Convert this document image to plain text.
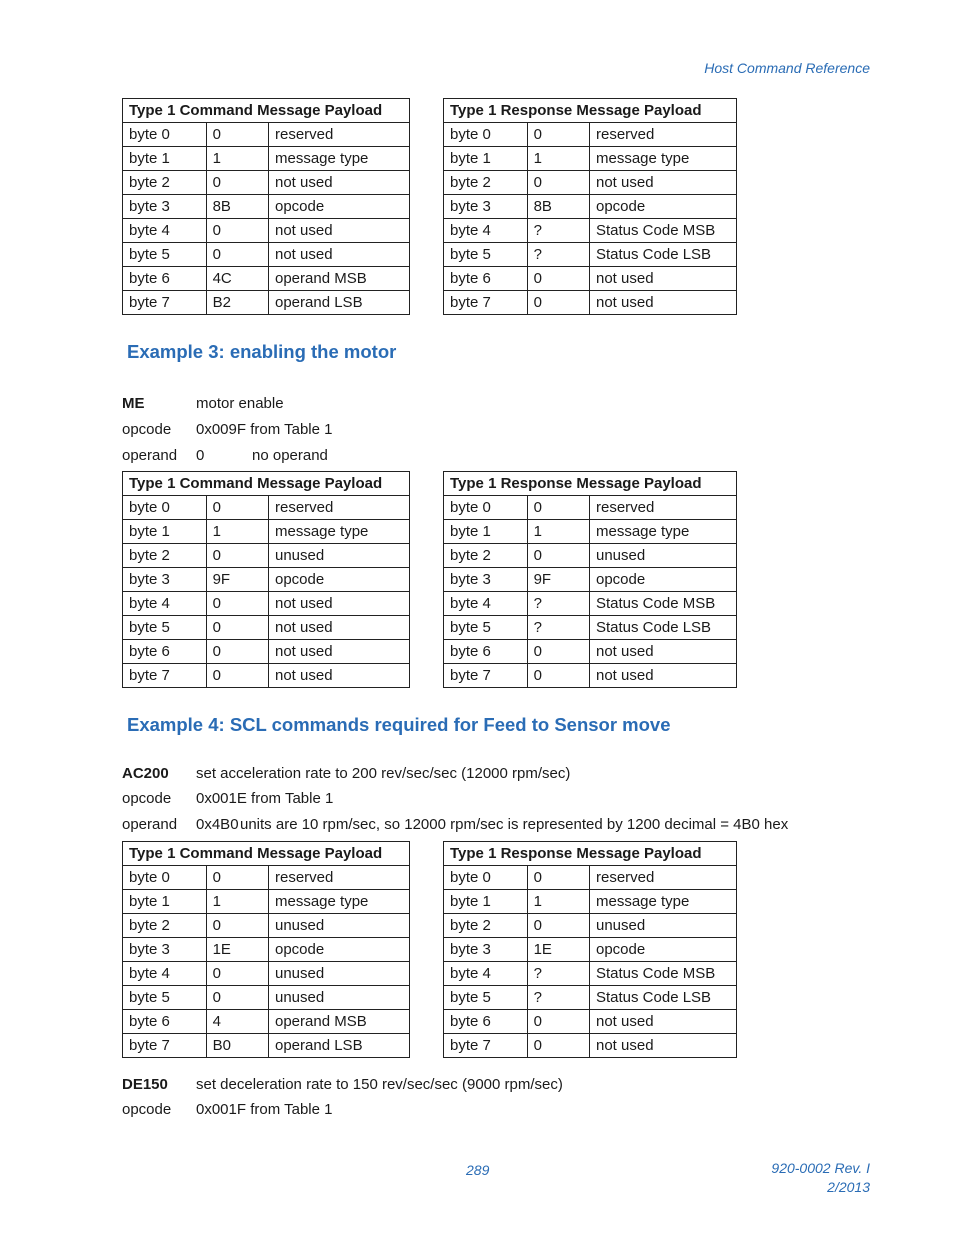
Host Command Reference
Type 1 Command Message Payload		
byte 0	0	reserved
byte 1	1	message type
byte 2	0	not used
byte 3	8B	opcode
byte 4	0	not used
byte 5	0	not used
byte 6	4C	operand MSB
byte 7	B2	operand LSB
Type 1 Response Message Payload		
byte 0	0	reserved
byte 1	1	message type
byte 2	0	not used
byte 3	8B	opcode
byte 4	?	Status Code MSB
byte 5	?	Status Code LSB
byte 6	0	not used
byte 7	0	not used
Example 3: enabling the motor
ME	motor enable
opcode 0x009F from Table 1
operand 0	no operand
Type 1 Command Message Payload		
byte 0	0	reserved
byte 1	1	message type
byte 2	0	unused
byte 3	9F	opcode
byte 4	0	not used
byte 5	0	not used
byte 6	0	not used
byte 7	0	not used
Type 1 Response Message Payload		
byte 0	0	reserved
byte 1	1	message type
byte 2	0	unused
byte 3	9F	opcode
byte 4	?	Status Code MSB
byte 5	?	Status Code LSB
byte 6	0	not used
byte 7	0	not used
Example 4: SCL commands required for Feed to Sensor move
AC200 set acceleration rate to 200 rev/sec/sec (12000 rpm/sec)
opcode 0x001E from Table 1
operand 0x4B0units are 10 rpm/sec, so 12000 rpm/sec is represented by 1200 decimal = 4B0 hex
Type 1 Command Message Payload		
byte 0	0	reserved
byte 1	1	message type
byte 2	0	unused
byte 3	1E	opcode
byte 4	0	unused
byte 5	0	unused
byte 6	4	operand MSB
byte 7	B0	operand LSB
Type 1 Response Message Payload		
byte 0	0	reserved
byte 1	1	message type
byte 2	0	unused
byte 3	1E	opcode
byte 4	?	Status Code MSB
byte 5	?	Status Code LSB
byte 6	0	not used
byte 7	0	not used
DE150 set deceleration rate to 150 rev/sec/sec (9000 rpm/sec)
opcode 0x001F from Table 1
289	920-0002 Rev. I
2/2013
